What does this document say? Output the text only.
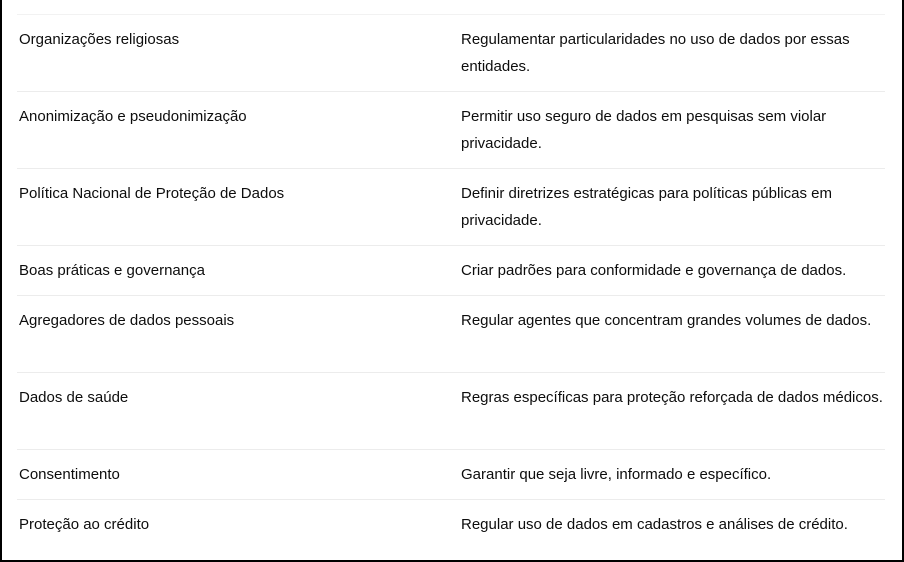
Organizações religiosas	Regulamentar particularidades no uso de dados por essas entidades.
Anonimização e pseudonimização	Permitir uso seguro de dados em pesquisas sem violar privacidade.
Política Nacional de Proteção de Dados	Definir diretrizes estratégicas para políticas públicas em privacidade.
Boas práticas e governança	Criar padrões para conformidade e governança de dados.
Agregadores de dados pessoais	Regular agentes que concentram grandes volumes de dados.
Dados de saúde	Regras específicas para proteção reforçada de dados médicos.
Consentimento	Garantir que seja livre, informado e específico.
Proteção ao crédito	Regular uso de dados em cadastros e análises de crédito.
